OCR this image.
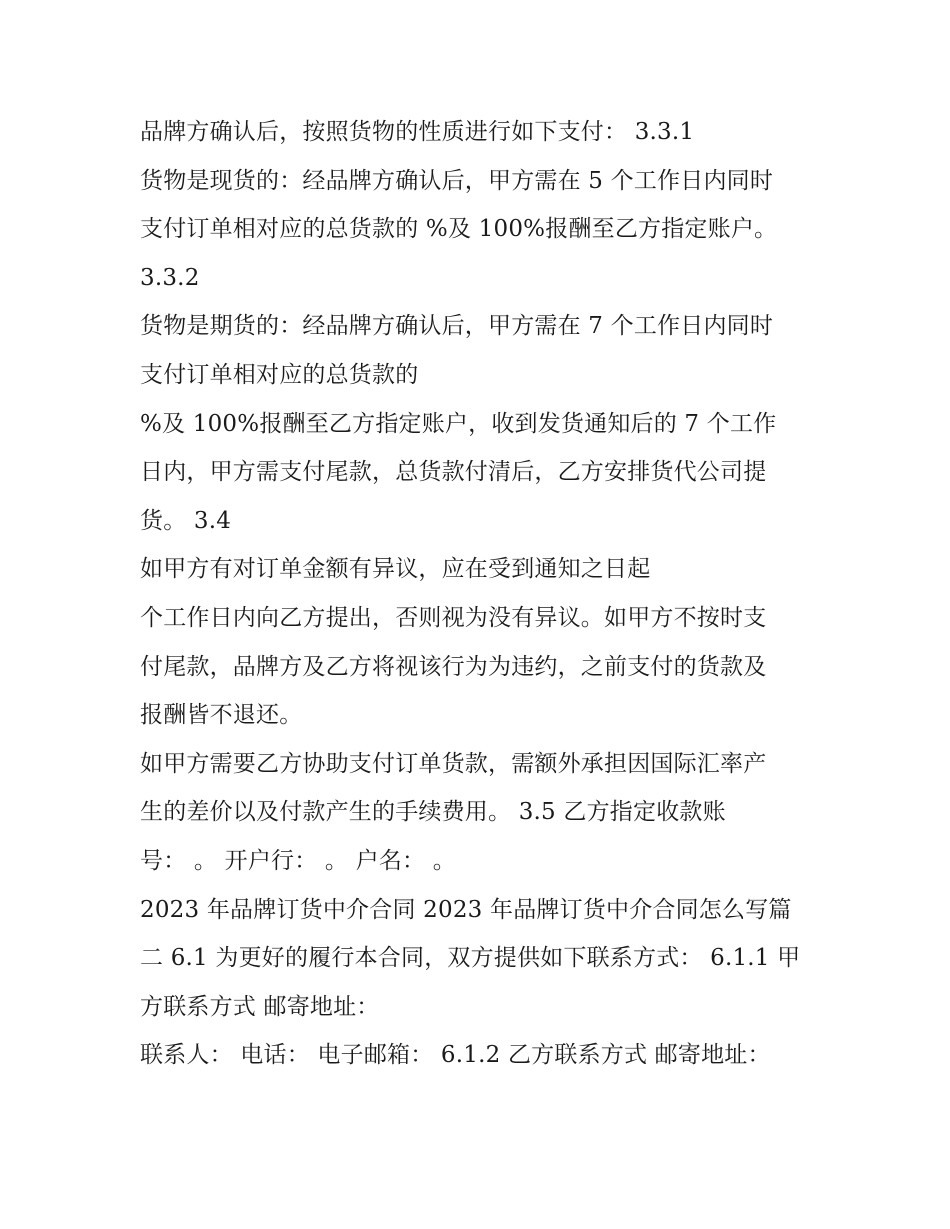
品牌方确认后，按照货物的性质进行如下支付： 3.3.1
货物是现货的：经品牌方确认后，甲方需在 5 个工作日内同时
支付订单相对应的总货款的 %及 100%报酬至乙方指定账户。
3.3.2
货物是期货的：经品牌方确认后，甲方需在 7 个工作日内同时
支付订单相对应的总货款的
%及 100%报酬至乙方指定账户，收到发货通知后的 7 个工作
日内，甲方需支付尾款，总货款付清后，乙方安排货代公司提
货。 3.4
如甲方有对订单金额有异议，应在受到通知之日起
个工作日内向乙方提出，否则视为没有异议。如甲方不按时支
付尾款，品牌方及乙方将视该行为为违约，之前支付的货款及
报酬皆不退还。
如甲方需要乙方协助支付订单货款，需额外承担因国际汇率产
生的差价以及付款产生的手续费用。 3.5 乙方指定收款账
号： 。 开户行： 。 户名： 。
2023 年品牌订货中介合同 2023 年品牌订货中介合同怎么写篇
二 6.1 为更好的履行本合同，双方提供如下联系方式： 6.1.1 甲
方联系方式 邮寄地址：
联系人： 电话： 电子邮箱： 6.1.2 乙方联系方式 邮寄地址：
